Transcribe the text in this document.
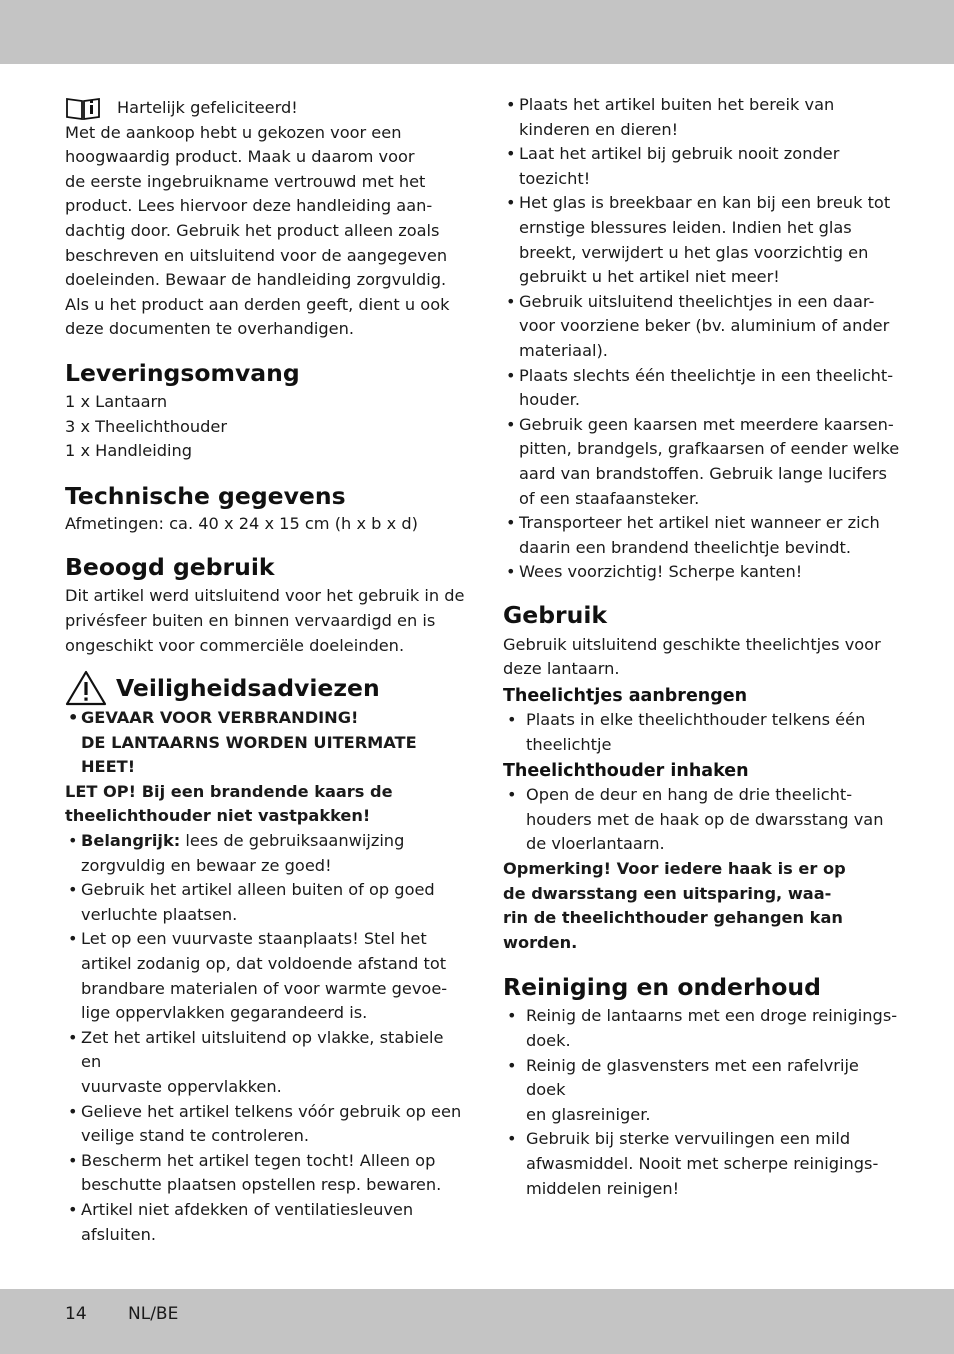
Hartelijk gefeliciteerd!

Met de aankoop hebt u gekozen voor een
hoogwaardig product. Maak u daarom voor
de eerste ingebruikname vertrouwd met het
product. Lees hiervoor deze handleiding aan-
dachtig door. Gebruik het product alleen zoals
beschreven en uitsluitend voor de aangegeven
doeleinden. Bewaar de handleiding zorgvuldig.
Als u het product aan derden geeft, dient u ook
deze documenten te overhandigen.

Leveringsomvang
1 x Lantaarn
3 x Theelichthouder
1 x Handleiding
Technische gegevens

Afmetingen: ca. 40 x 24 x 15 cm (h x b x d)

Beoogd gebruik

Dit artikel werd uitsluitend voor het gebruik in de
privésfeer buiten en binnen vervaardigd en is
ongeschikt voor commerciële doeleinden.

Veiligheidsadviezen
• GEVAAR VOOR VERBRANDING!
DE LANTAARNS WORDEN UITERMATE
HEET!

LET OP! Bij een brandende kaars de
theelichthouder niet vastpakken!

• Belangrijk: lees de gebruiksaanwijzing
zorgvuldig en bewaar ze goed!
• Gebruik het artikel alleen buiten of op goed
verluchte plaatsen.
• Let op een vuurvaste staanplaats! Stel het
artikel zodanig op, dat voldoende afstand tot
brandbare materialen of voor warmte gevoe-
lige oppervlakken gegarandeerd is.
• Zet het artikel uitsluitend op vlakke, stabiele en
vuurvaste oppervlakken.
• Gelieve het artikel telkens vóór gebruik op een
veilige stand te controleren.
• Bescherm het artikel tegen tocht! Alleen op
beschutte plaatsen opstellen resp. bewaren.
• Artikel niet afdekken of ventilatiesleuven
afsluiten.
• Plaats het artikel buiten het bereik van
kinderen en dieren!
• Laat het artikel bij gebruik nooit zonder
toezicht!
• Het glas is breekbaar en kan bij een breuk tot
ernstige blessures leiden. Indien het glas
breekt, verwijdert u het glas voorzichtig en
gebruikt u het artikel niet meer!
• Gebruik uitsluitend theelichtjes in een daar-
voor voorziene beker (bv. aluminium of ander
materiaal).
• Plaats slechts één theelichtje in een theelicht-
houder.
• Gebruik geen kaarsen met meerdere kaarsen-
pitten, brandgels, grafkaarsen of eender welke
aard van brandstoffen. Gebruik lange lucifers
of een staafaansteker.
• Transporteer het artikel niet wanneer er zich
daarin een brandend theelichtje bevindt.
• Wees voorzichtig! Scherpe kanten!
Gebruik

Gebruik uitsluitend geschikte theelichtjes voor
deze lantaarn.

Theelichtjes aanbrengen
• Plaats in elke theelichthouder telkens één
theelichtje
Theelichthouder inhaken
• Open de deur en hang de drie theelicht-
houders met de haak op de dwarsstang van
de vloerlantaarn.

Opmerking! Voor iedere haak is er op
de dwarsstang een uitsparing, waa-
rin de theelichthouder gehangen kan
worden.

Reiniging en onderhoud
• Reinig de lantaarns met een droge reinigings-
doek.
• Reinig de glasvensters met een rafelvrije doek
en glasreiniger.
• Gebruik bij sterke vervuilingen een mild
afwasmiddel. Nooit met scherpe reinigings-
middelen reinigen!
14 NL/BE
